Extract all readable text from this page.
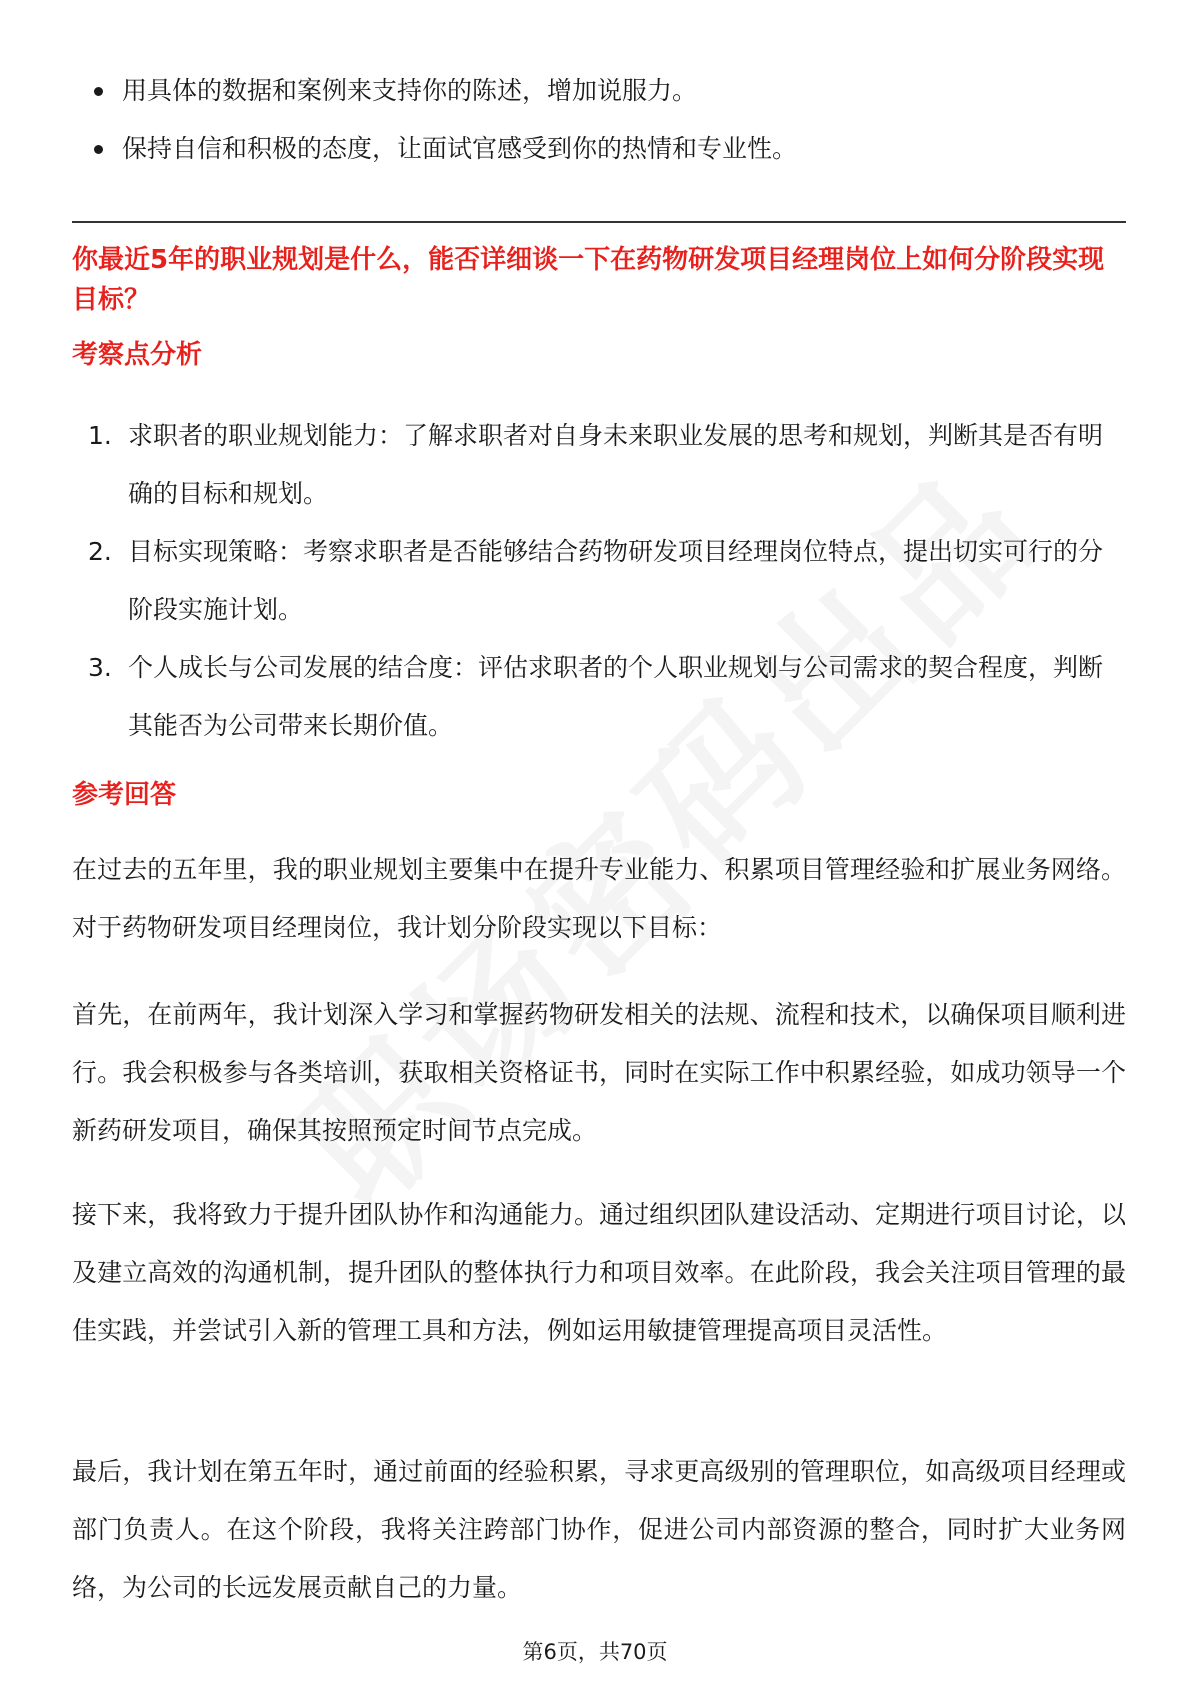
用具体的数据和案例来支持你的陈述，增加说服力。
保持自信和积极的态度，让面试官感受到你的热情和专业性。
你最近5年的职业规划是什么，能否详细谈一下在药物研发项目经理岗位上如何分阶段实现目标？
考察点分析
1. 求职者的职业规划能力：了解求职者对自身未来职业发展的思考和规划，判断其是否有明确的目标和规划。
2. 目标实现策略：考察求职者是否能够结合药物研发项目经理岗位特点，提出切实可行的分阶段实施计划。
3. 个人成长与公司发展的结合度：评估求职者的个人职业规划与公司需求的契合程度，判断其能否为公司带来长期价值。
参考回答

在过去的五年里，我的职业规划主要集中在提升专业能力、积累项目管理经验和扩展业务网络。对于药物研发项目经理岗位，我计划分阶段实现以下目标：

首先，在前两年，我计划深入学习和掌握药物研发相关的法规、流程和技术，以确保项目顺利进行。我会积极参与各类培训，获取相关资格证书，同时在实际工作中积累经验，如成功领导一个新药研发项目，确保其按照预定时间节点完成。

接下来，我将致力于提升团队协作和沟通能力。通过组织团队建设活动、定期进行项目讨论，以及建立高效的沟通机制，提升团队的整体执行力和项目效率。在此阶段，我会关注项目管理的最佳实践，并尝试引入新的管理工具和方法，例如运用敏捷管理提高项目灵活性。

最后，我计划在第五年时，通过前面的经验积累，寻求更高级别的管理职位，如高级项目经理或部门负责人。在这个阶段，我将关注跨部门协作，促进公司内部资源的整合，同时扩大业务网络，为公司的长远发展贡献自己的力量。

第6页，共70页
